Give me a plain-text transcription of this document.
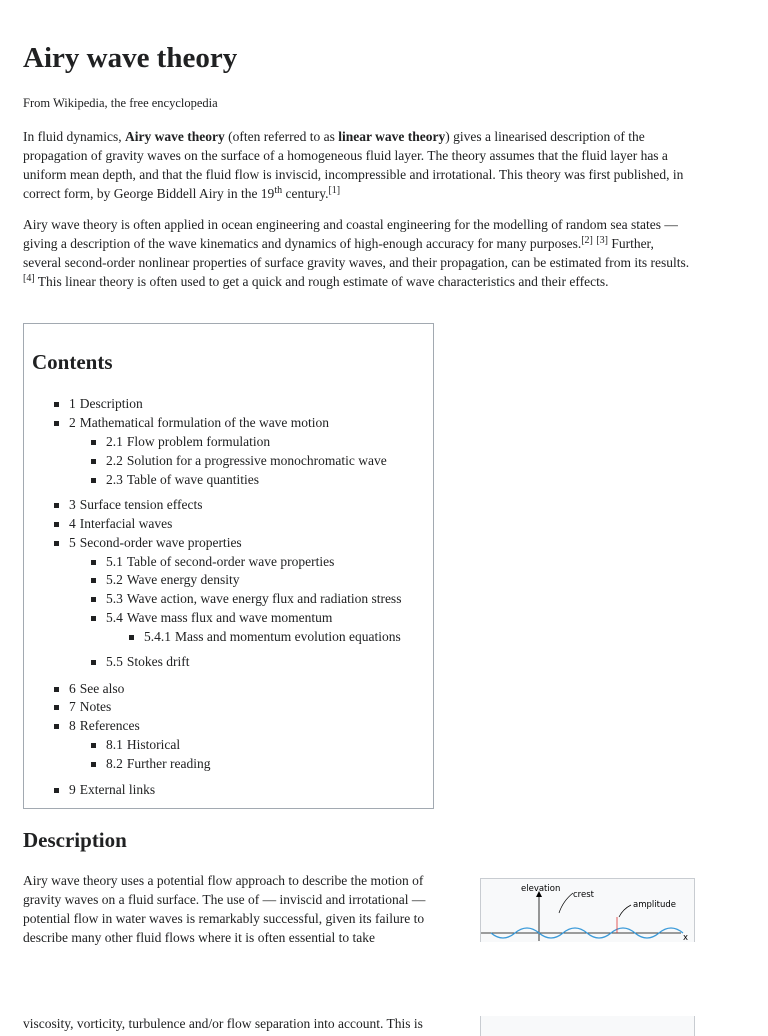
Airy wave theory
From Wikipedia, the free encyclopedia

In fluid dynamics, Airy wave theory (often referred to as linear wave theory) gives a linearised description of the propagation of gravity waves on the surface of a homogeneous fluid layer. The theory assumes that the fluid layer has a uniform mean depth, and that the fluid flow is inviscid, incompressible and irrotational. This theory was first published, in correct form, by George Biddell Airy in the 19th century.[1]

Airy wave theory is often applied in ocean engineering and coastal engineering for the modelling of random sea states — giving a description of the wave kinematics and dynamics of high-enough accuracy for many purposes.[2] [3] Further, several second-order nonlinear properties of surface gravity waves, and their propagation, can be estimated from its results.[4] This linear theory is often used to get a quick and rough estimate of wave characteristics and their effects.

Contents
1 Description
2 Mathematical formulation of the wave motion
2.1 Flow problem formulation
2.2 Solution for a progressive monochromatic wave
2.3 Table of wave quantities
3 Surface tension effects
4 Interfacial waves
5 Second-order wave properties
5.1 Table of second-order wave properties
5.2 Wave energy density
5.3 Wave action, wave energy flux and radiation stress
5.4 Wave mass flux and wave momentum
5.4.1 Mass and momentum evolution equations
5.5 Stokes drift
6 See also
7 Notes
8 References
8.1 Historical
8.2 Further reading
9 External links
Description

Airy wave theory uses a potential flow approach to describe the motion of gravity waves on a fluid surface. The use of — inviscid and irrotational — potential flow in water waves is remarkably successful, given its failure to describe many other fluid flows where it is often essential to take

viscosity, vorticity, turbulence and/or flow separation into account. This is

elevation
crest
amplitude
x
